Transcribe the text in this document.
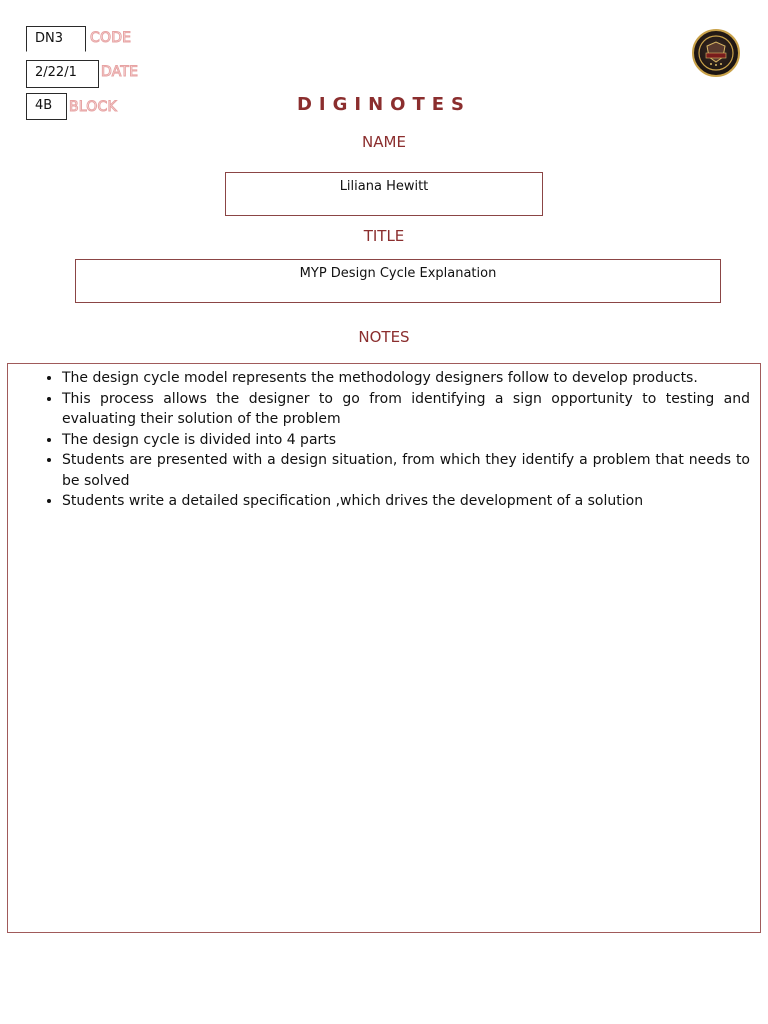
DN3	CODE
2/22/1	DATE
4B	BLOCK	DIGINOTES
NAME
Liliana Hewitt
TITLE
MYP Design Cycle Explanation
NOTES
• The design cycle model represents the methodology designers follow to develop products.
• This process allows the designer to go from identifying a sign opportunity to testing and evaluating their solution of the problem
• The design cycle is divided into 4 parts
• Students are presented with a design situation, from which they identify a problem that needs to be solved
• Students write a detailed specification ,which drives the development of a solution
